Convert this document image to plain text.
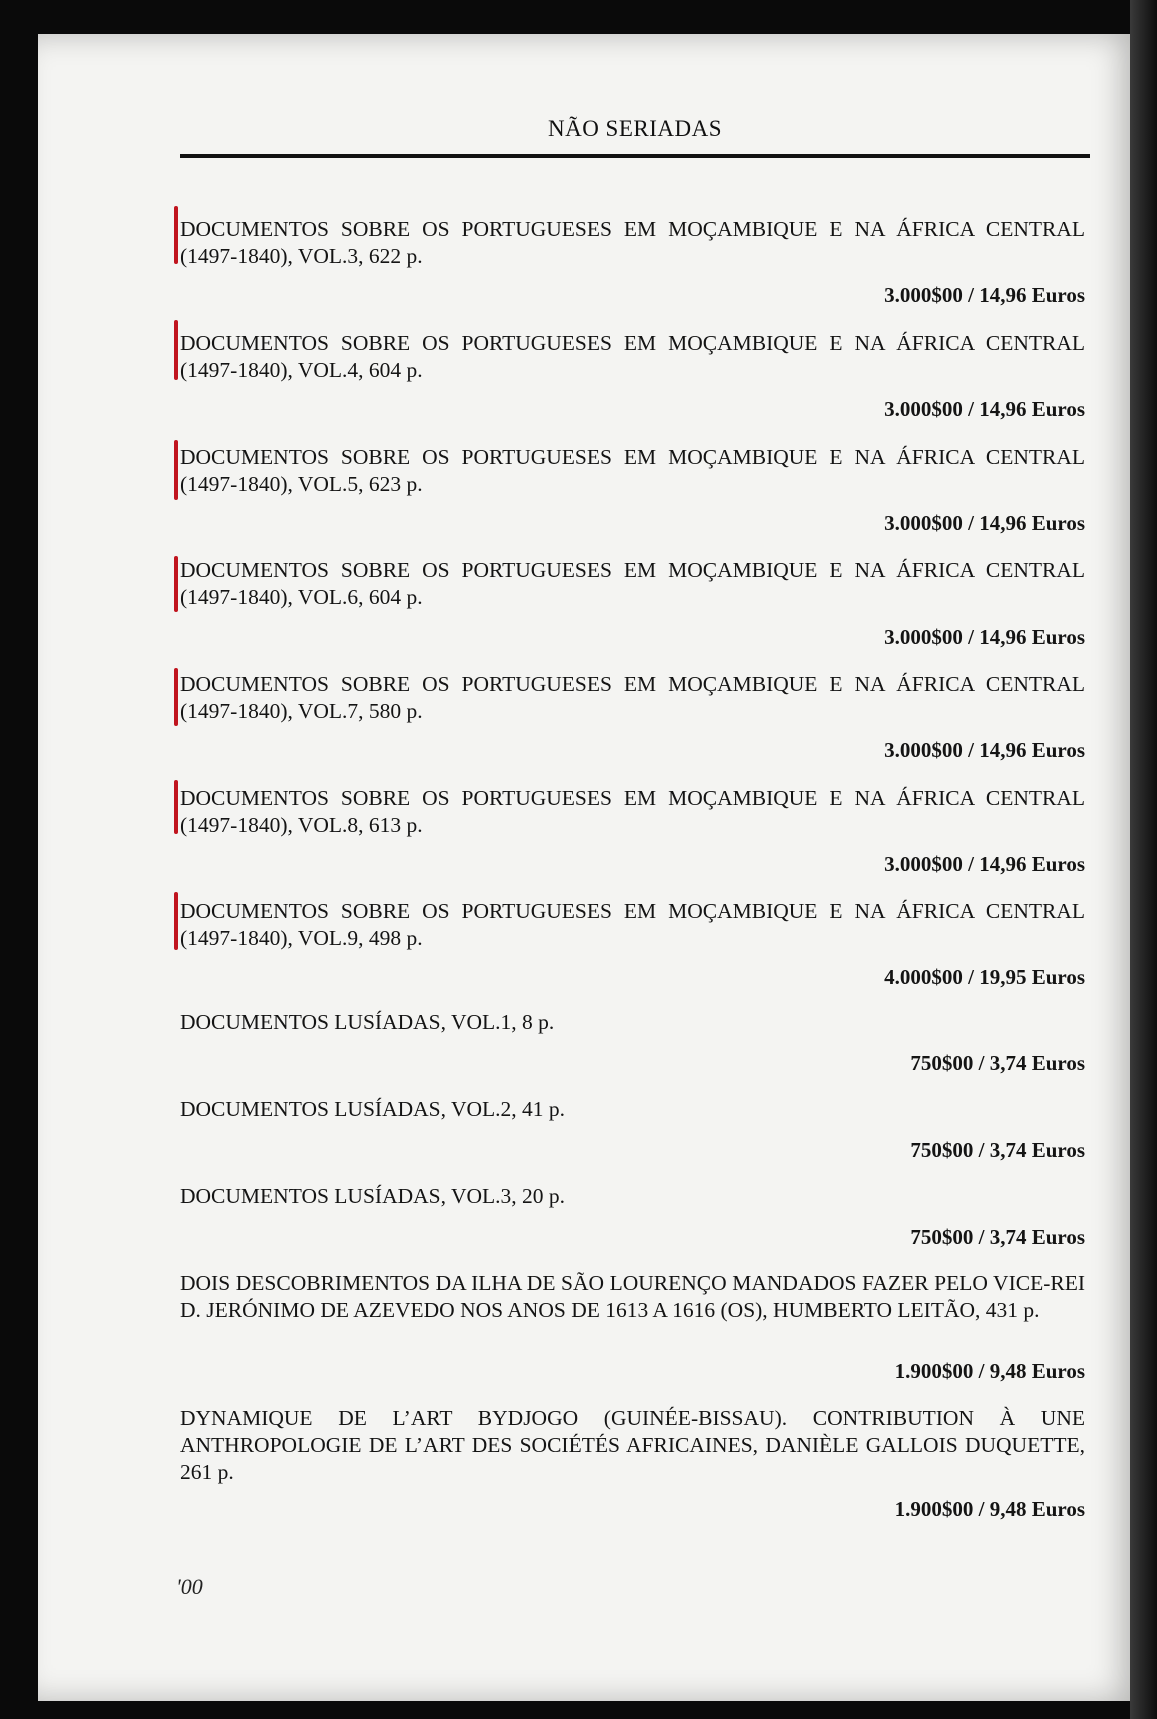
NÃO SERIADAS
DOCUMENTOS SOBRE OS PORTUGUESES EM MOÇAMBIQUE E NA ÁFRICA CENTRAL (1497-1840), VOL.3, 622 p.
3.000$00 / 14,96 Euros
DOCUMENTOS SOBRE OS PORTUGUESES EM MOÇAMBIQUE E NA ÁFRICA CENTRAL (1497-1840), VOL.4, 604 p.
3.000$00 / 14,96 Euros
DOCUMENTOS SOBRE OS PORTUGUESES EM MOÇAMBIQUE E NA ÁFRICA CENTRAL (1497-1840), VOL.5, 623 p.
3.000$00 / 14,96 Euros
DOCUMENTOS SOBRE OS PORTUGUESES EM MOÇAMBIQUE E NA ÁFRICA CENTRAL (1497-1840), VOL.6, 604 p.
3.000$00 / 14,96 Euros
DOCUMENTOS SOBRE OS PORTUGUESES EM MOÇAMBIQUE E NA ÁFRICA CENTRAL (1497-1840), VOL.7, 580 p.
3.000$00 / 14,96 Euros
DOCUMENTOS SOBRE OS PORTUGUESES EM MOÇAMBIQUE E NA ÁFRICA CENTRAL (1497-1840), VOL.8, 613 p.
3.000$00 / 14,96 Euros
DOCUMENTOS SOBRE OS PORTUGUESES EM MOÇAMBIQUE E NA ÁFRICA CENTRAL (1497-1840), VOL.9, 498 p.
4.000$00 / 19,95 Euros
DOCUMENTOS LUSÍADAS, VOL.1, 8 p.
750$00 / 3,74 Euros
DOCUMENTOS LUSÍADAS, VOL.2, 41 p.
750$00 / 3,74 Euros
DOCUMENTOS LUSÍADAS, VOL.3, 20 p.
750$00 / 3,74 Euros
DOIS DESCOBRIMENTOS DA ILHA DE SÃO LOURENÇO MANDADOS FAZER PELO VICE-REI D. JERÓNIMO DE AZEVEDO NOS ANOS DE 1613 A 1616 (OS), HUMBERTO LEITÃO, 431 p.
1.900$00 / 9,48 Euros
DYNAMIQUE DE L’ART BYDJOGO (GUINÉE-BISSAU). CONTRIBUTION À UNE ANTHROPOLOGIE DE L’ART DES SOCIÉTÉS AFRICAINES, DANIÈLE GALLOIS DUQUETTE, 261 p.
1.900$00 / 9,48 Euros
'00
